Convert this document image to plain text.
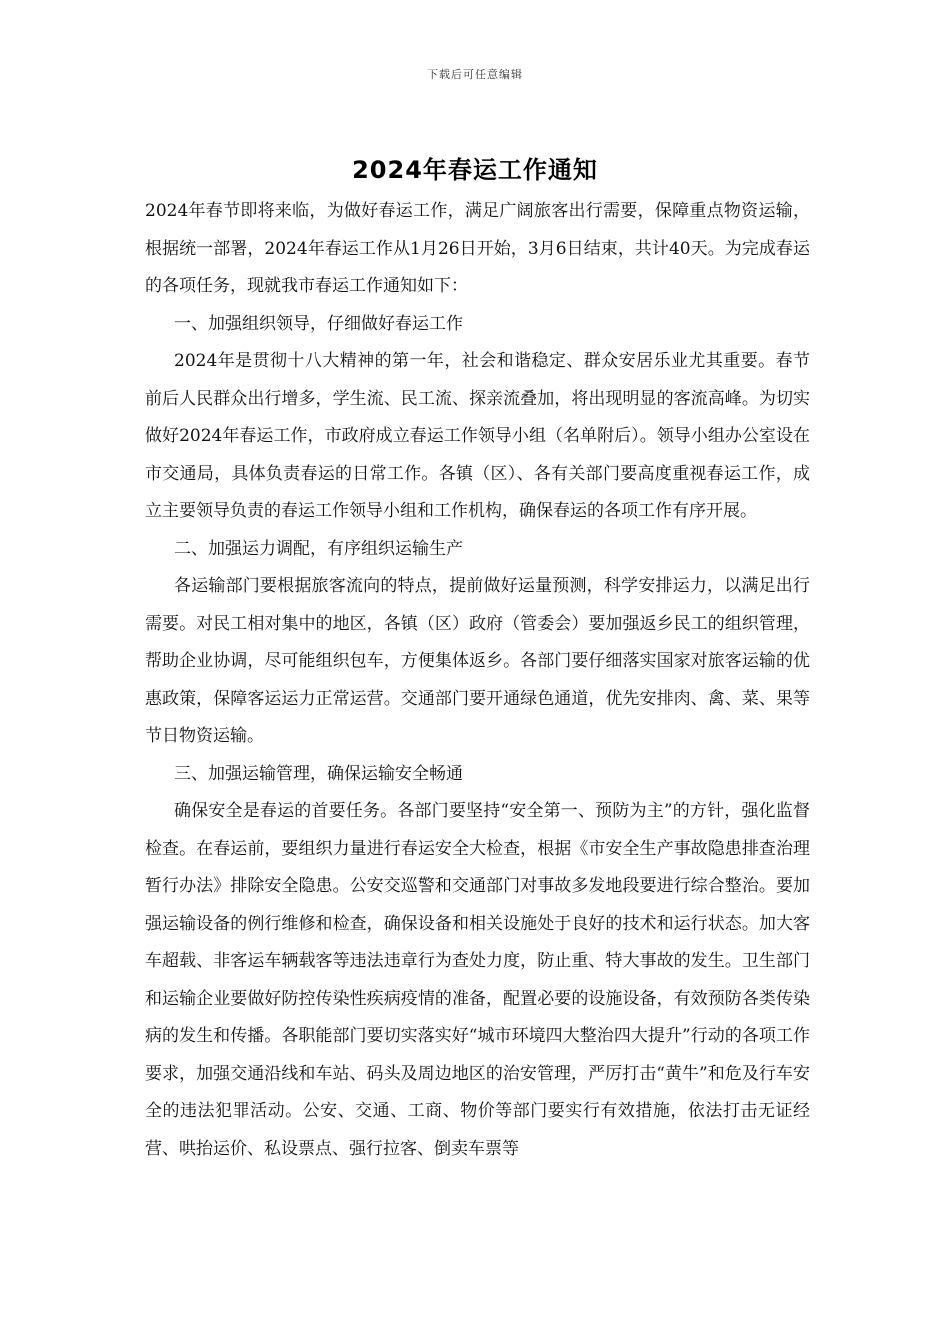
下载后可任意编辑
2024年春运工作通知

2024年春节即将来临，为做好春运工作，满足广阔旅客出行需要，保障重点物资运输，根据统一部署，2024年春运工作从1月26日开始，3月6日结束，共计40天。为完成春运的各项任务，现就我市春运工作通知如下：

一、加强组织领导，仔细做好春运工作

2024年是贯彻十八大精神的第一年，社会和谐稳定、群众安居乐业尤其重要。春节前后人民群众出行增多，学生流、民工流、探亲流叠加，将出现明显的客流高峰。为切实做好2024年春运工作，市政府成立春运工作领导小组（名单附后）。领导小组办公室设在市交通局，具体负责春运的日常工作。各镇（区）、各有关部门要高度重视春运工作，成立主要领导负责的春运工作领导小组和工作机构，确保春运的各项工作有序开展。

二、加强运力调配，有序组织运输生产

各运输部门要根据旅客流向的特点，提前做好运量预测，科学安排运力，以满足出行需要。对民工相对集中的地区，各镇（区）政府（管委会）要加强返乡民工的组织管理，帮助企业协调，尽可能组织包车，方便集体返乡。各部门要仔细落实国家对旅客运输的优惠政策，保障客运运力正常运营。交通部门要开通绿色通道，优先安排肉、禽、菜、果等节日物资运输。

三、加强运输管理，确保运输安全畅通

确保安全是春运的首要任务。各部门要坚持“安全第一、预防为主”的方针，强化监督检查。在春运前，要组织力量进行春运安全大检查，根据《市安全生产事故隐患排查治理暂行办法》排除安全隐患。公安交巡警和交通部门对事故多发地段要进行综合整治。要加强运输设备的例行维修和检查，确保设备和相关设施处于良好的技术和运行状态。加大客车超载、非客运车辆载客等违法违章行为查处力度，防止重、特大事故的发生。卫生部门和运输企业要做好防控传染性疾病疫情的准备，配置必要的设施设备，有效预防各类传染病的发生和传播。各职能部门要切实落实好“城市环境四大整治四大提升”行动的各项工作要求，加强交通沿线和车站、码头及周边地区的治安管理，严厉打击“黄牛”和危及行车安全的违法犯罪活动。公安、交通、工商、物价等部门要实行有效措施，依法打击无证经营、哄抬运价、私设票点、强行拉客、倒卖车票等
